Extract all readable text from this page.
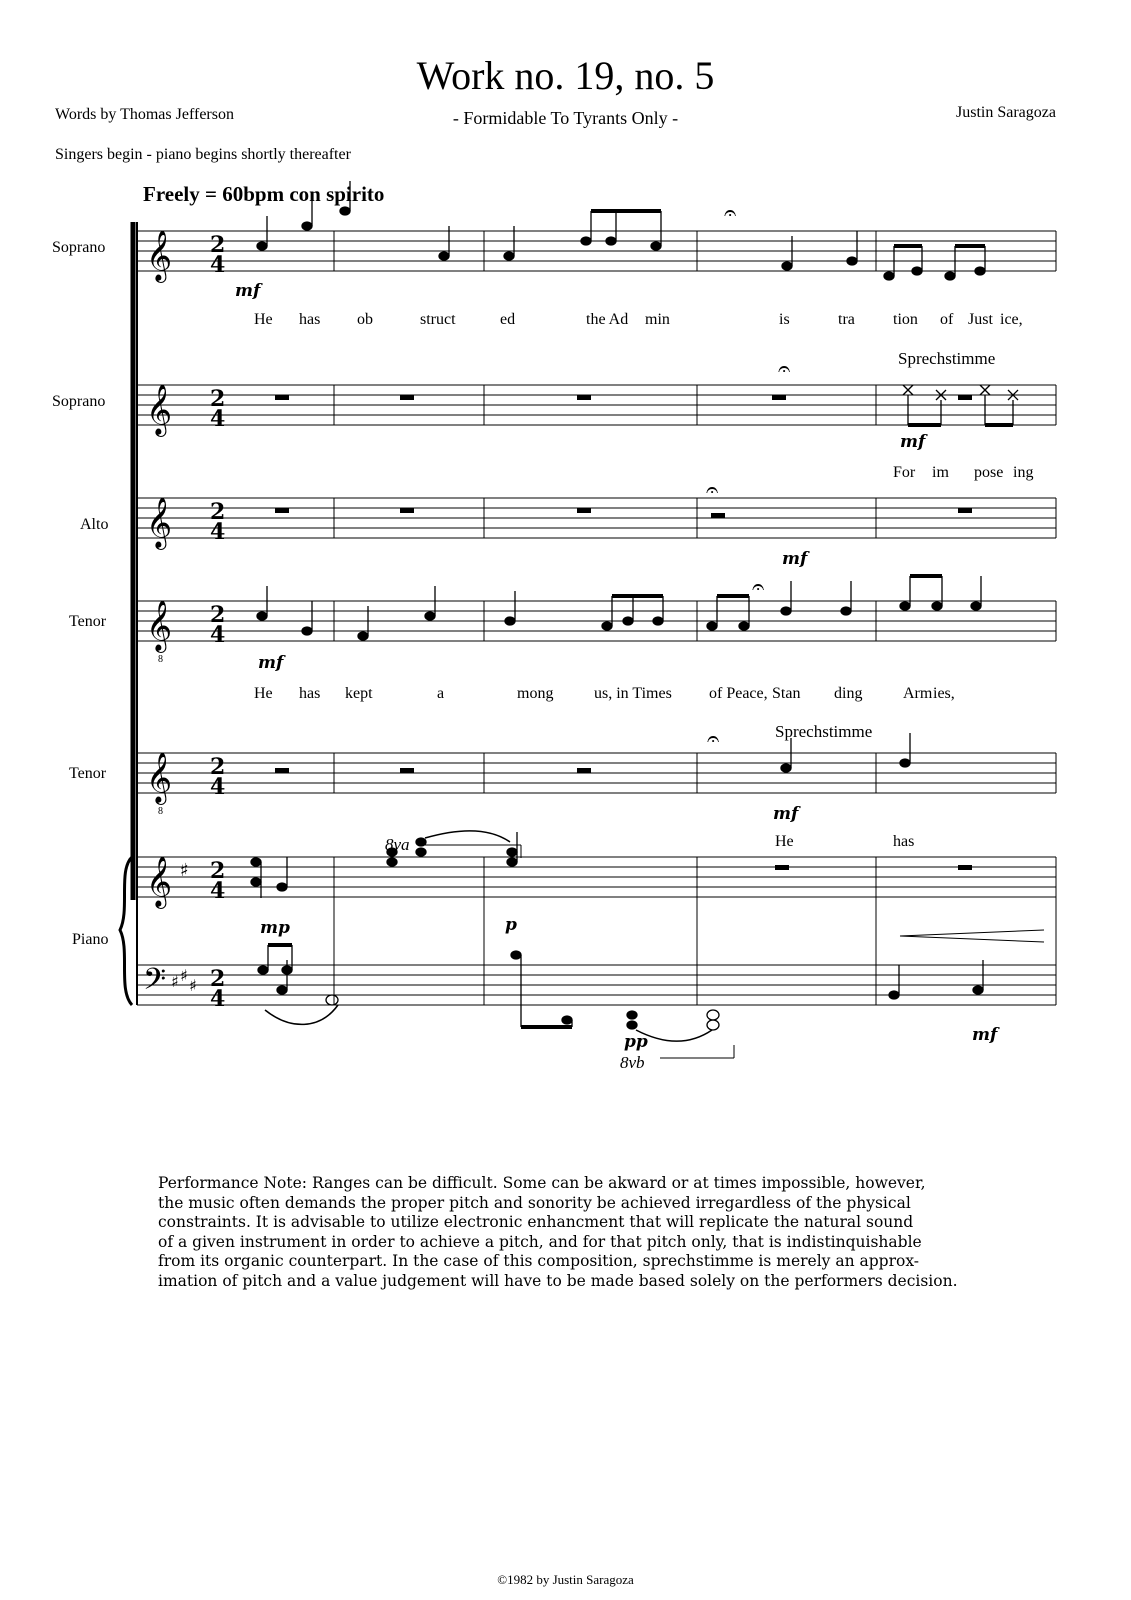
𝄞 2
4
𝄐
mf
He has ob	struct	ed	the Ad min	is	tra tion of Just ice,
𝄞 2
4
𝄐
mf
Sprechstimme
For im pose ing
𝄞 2
4
𝄐
mf
𝄞
8
2
4
𝄐
mf
He has kept	a	mong	us, in Times of Peace, Stan ding	Arm ies,
𝄞
8
2
4
𝄐
mf
Sprechstimme
He	has
𝄞 ♯ 2
4
𝄢 ♯ ♯
♯ 2
4
8va
mp	p
pp
8vb
mf
Soprano
Soprano
Alto
Tenor
Tenor
Piano
Work no. 19, no. 5
- Formidable To Tyrants Only -
Words by Thomas Jefferson	Justin Saragoza
Singers begin - piano begins shortly thereafter
Freely = 60bpm con spirito
Performance Note: Ranges can be difficult. Some can be akward or at times impossible, however,
the music often demands the proper pitch and sonority be achieved irregardless of the physical
constraints. It is advisable to utilize electronic enhancment that will replicate the natural sound
of a given instrument in order to achieve a pitch, and for that pitch only, that is indistinquishable
from its organic counterpart. In the case of this composition, sprechstimme is merely an approx-
imation of pitch and a value judgement will have to be made based solely on the performers decision.
©1982 by Justin Saragoza
